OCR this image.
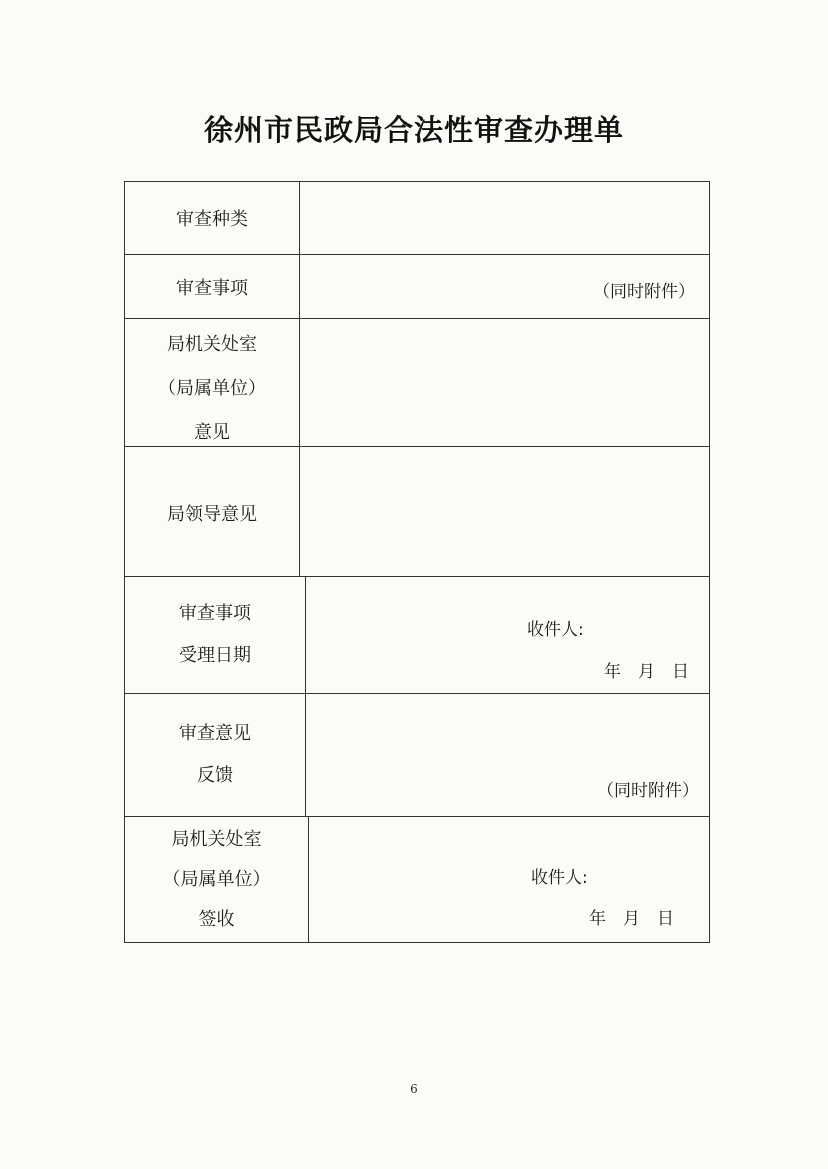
徐州市民政局合法性审查办理单
审查种类
审查事项	（同时附件）
局机关处室
（局属单位）
意见
局领导意见
审查事项
受理日期
收件人:
年　月　日
审查意见
反馈
（同时附件）
局机关处室
（局属单位）
签收
收件人:
年　月　日
6
